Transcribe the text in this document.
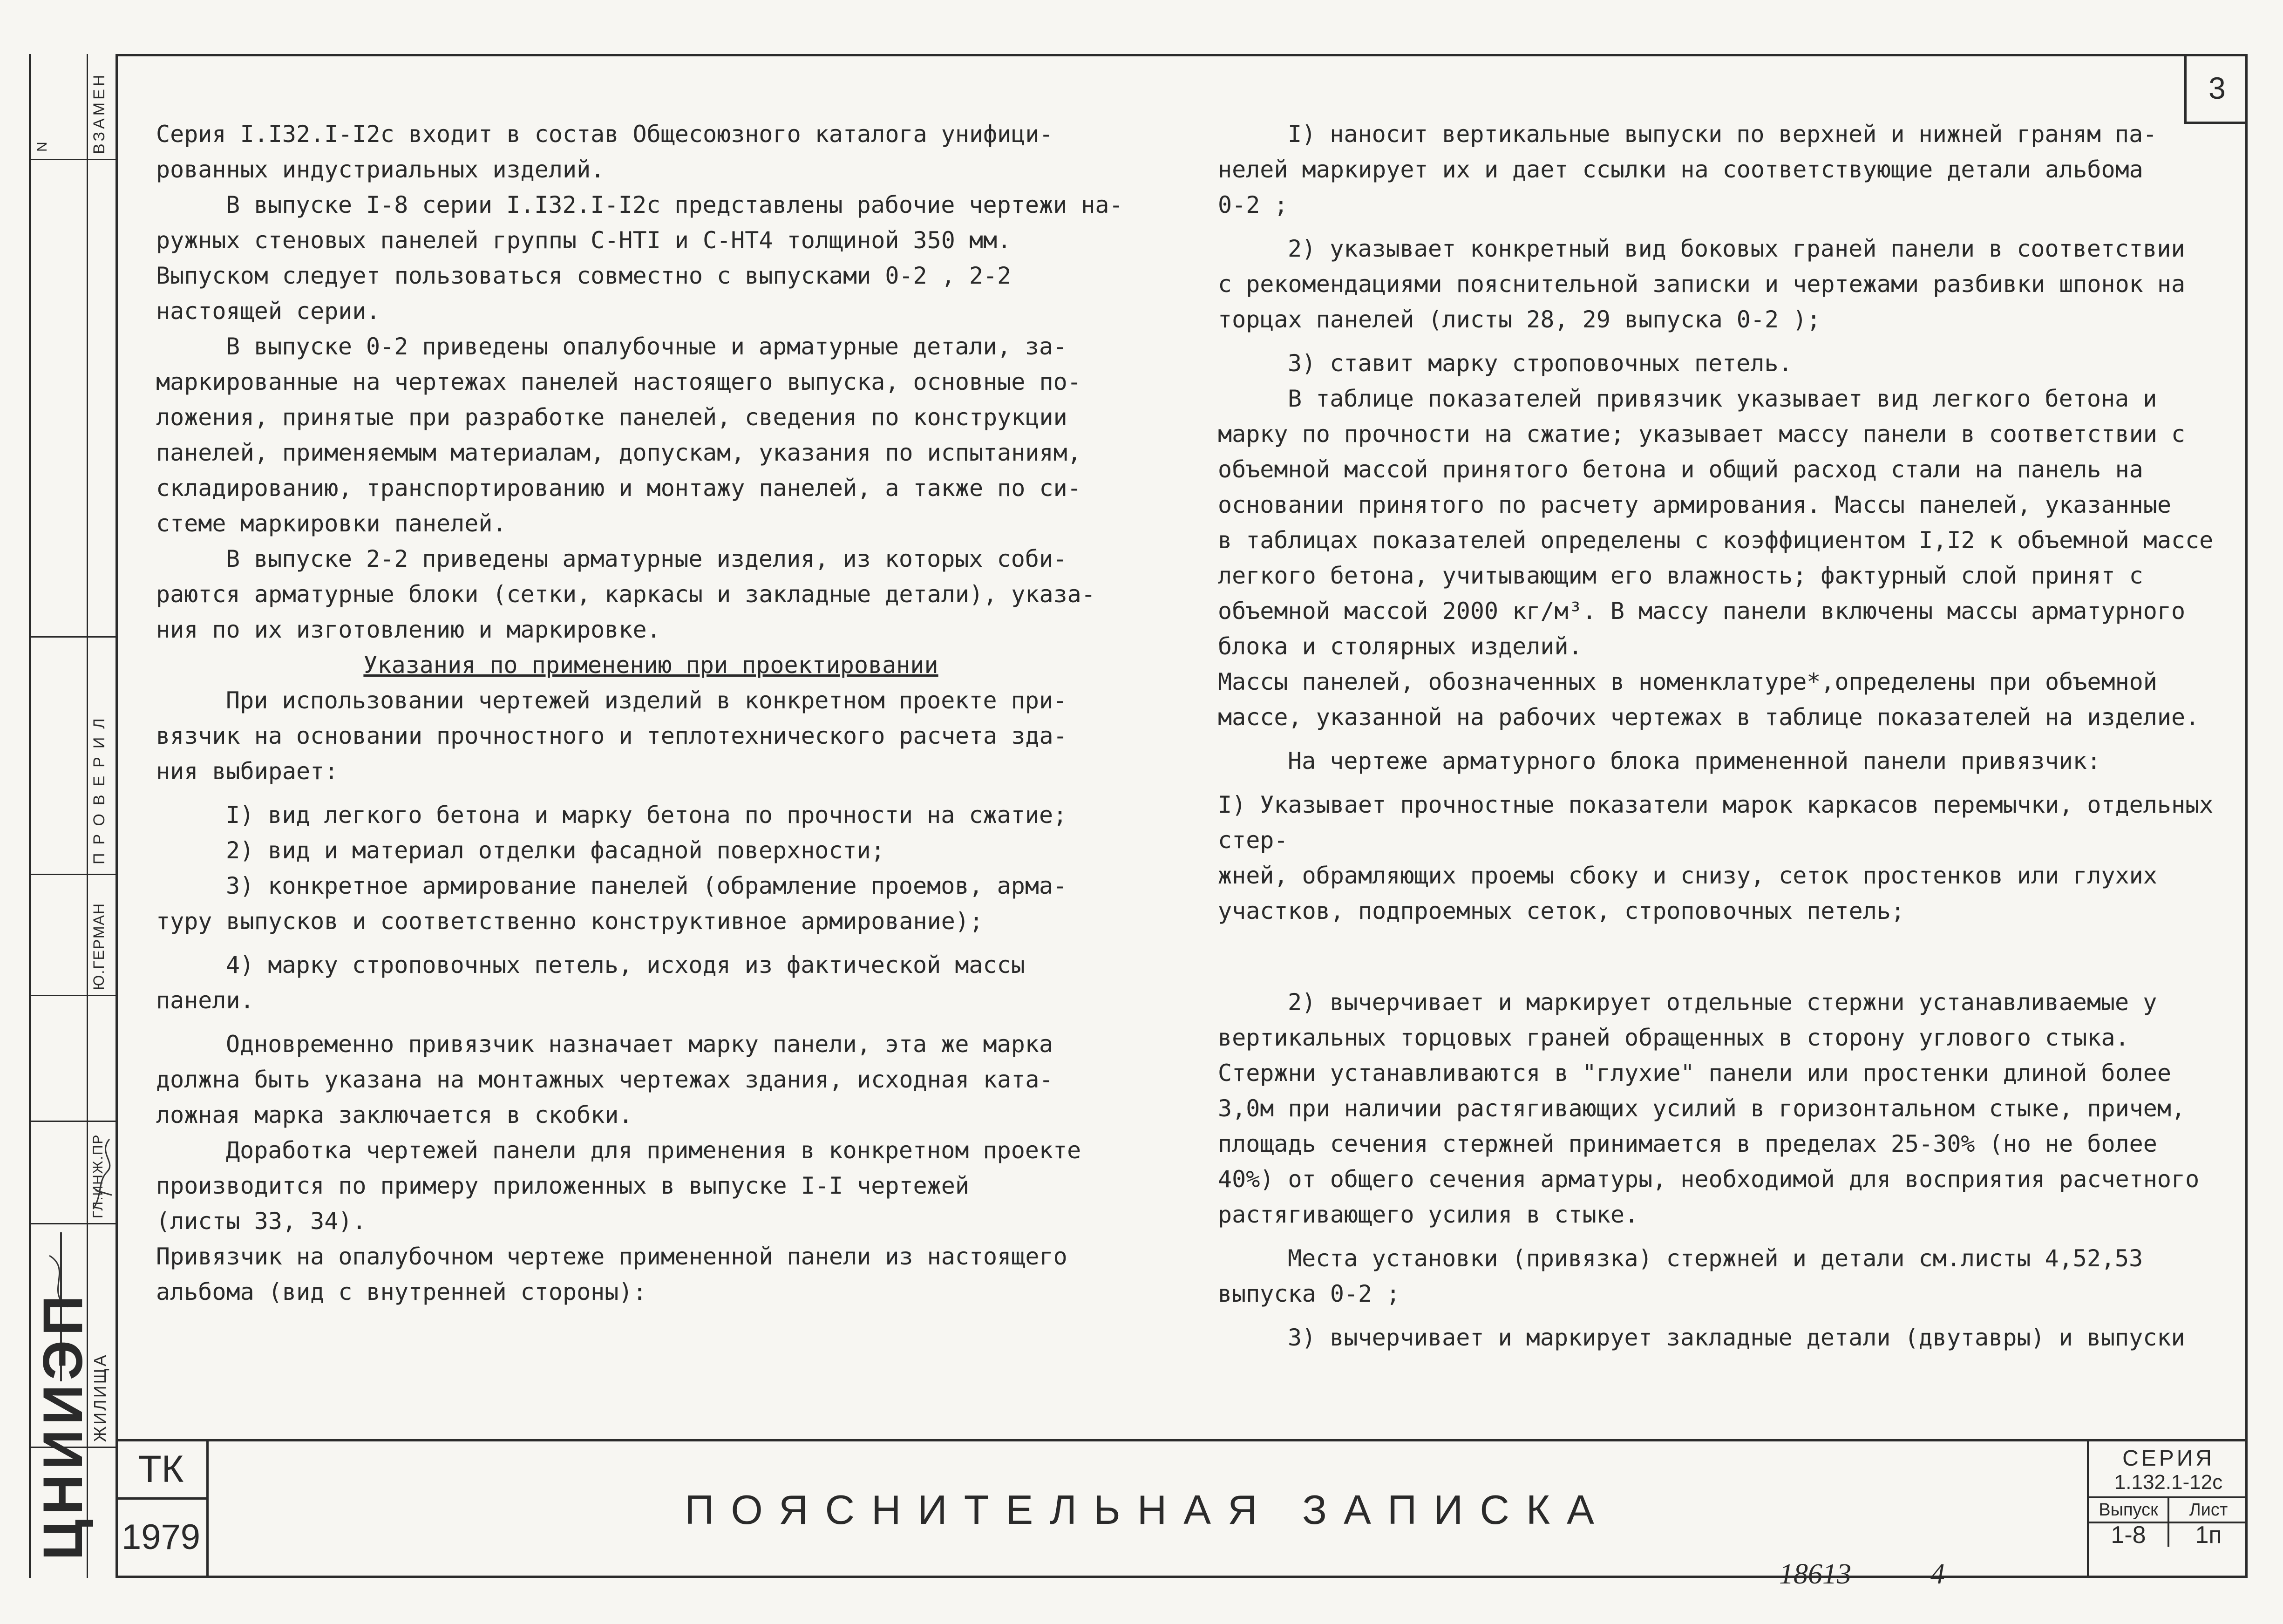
N	ВЗАМЕН
ПРОВЕРИЛ
Ю.ГЕРМАН
ГЛ.ИНЖ.ПР
ЖИЛИЩА
ЦНИИЭП
3

Серия I.I32.I-I2с входит в состав Общесоюзного каталога унифици-

рованных индустриальных изделий.

В выпуске I-8 серии I.I32.I-I2с представлены рабочие чертежи на-

ружных стеновых панелей группы С-НТI и С-НТ4 толщиной 350 мм.

Выпуском следует пользоваться совместно с выпусками 0-2 , 2-2

настоящей серии.

В выпуске 0-2 приведены опалубочные и арматурные детали, за-

маркированные на чертежах панелей настоящего выпуска, основные по-

ложения, принятые при разработке панелей, сведения по конструкции

панелей, применяемым материалам, допускам, указания по испытаниям,

складированию, транспортированию и монтажу панелей, а также по си-

стеме маркировки панелей.

В выпуске 2-2 приведены арматурные изделия, из которых соби-

раются арматурные блоки (сетки, каркасы и закладные детали), указа-

ния по их изготовлению и маркировке.

Указания по применению при проектировании

При использовании чертежей изделий в конкретном проекте при-

вязчик на основании прочностного и теплотехнического расчета зда-

ния выбирает:

I) вид легкого бетона и марку бетона по прочности на сжатие;

2) вид и материал отделки фасадной поверхности;

3) конкретное армирование панелей (обрамление проемов, арма-

туру выпусков и соответственно конструктивное армирование);

4) марку строповочных петель, исходя из фактической массы

панели.

Одновременно привязчик назначает марку панели, эта же марка

должна быть указана на монтажных чертежах здания, исходная ката-

ложная марка заключается в скобки.

Доработка чертежей панели для применения в конкретном проекте

производится по примеру приложенных в выпуске I-I чертежей

(листы 33, 34).

Привязчик на опалубочном чертеже примененной панели из настоящего

альбома (вид с внутренней стороны):

I) наносит вертикальные выпуски по верхней и нижней граням па-

нелей маркирует их и дает ссылки на соответствующие детали альбома

0-2 ;

2) указывает конкретный вид боковых граней панели в соответствии

с рекомендациями пояснительной записки и чертежами разбивки шпонок на

торцах панелей (листы 28, 29 выпуска 0-2 );

3) ставит марку строповочных петель.

В таблице показателей привязчик указывает вид легкого бетона и

марку по прочности на сжатие; указывает массу панели в соответствии с

объемной массой принятого бетона и общий расход стали на панель на

основании принятого по расчету армирования. Массы панелей, указанные

в таблицах показателей определены с коэффициентом I,I2 к объемной массе

легкого бетона, учитывающим его влажность; фактурный слой принят с

объемной массой 2000 кг/м³. В массу панели включены массы арматурного

блока и столярных изделий.

Массы панелей, обозначенных в номенклатуре*,определены при объемной

массе, указанной на рабочих чертежах в таблице показателей на изделие.

На чертеже арматурного блока примененной панели привязчик:

I) Указывает прочностные показатели марок каркасов перемычки, отдельных стер-

жней, обрамляющих проемы сбоку и снизу, сеток простенков или глухих

участков, подпроемных сеток, строповочных петель;

2) вычерчивает и маркирует отдельные стержни устанавливаемые у

вертикальных торцовых граней обращенных в сторону углового стыка.

Стержни устанавливаются в "глухие" панели или простенки длиной более

3,0м при наличии растягивающих усилий в горизонтальном стыке, причем,

площадь сечения стержней принимается в пределах 25-30% (но не более

40%) от общего сечения арматуры, необходимой для восприятия расчетного

растягивающего усилия в стыке.

Места установки (привязка) стержней и детали см.листы 4,52,53

выпуска 0-2 ;

3) вычерчивает и маркирует закладные детали (двутавры) и выпуски

ТК
1979
ПОЯСНИТЕЛЬНАЯ ЗАПИСКА
СЕРИЯ
1.132.1-12с
Выпуск
1-8
Лист
1п
18613	4
